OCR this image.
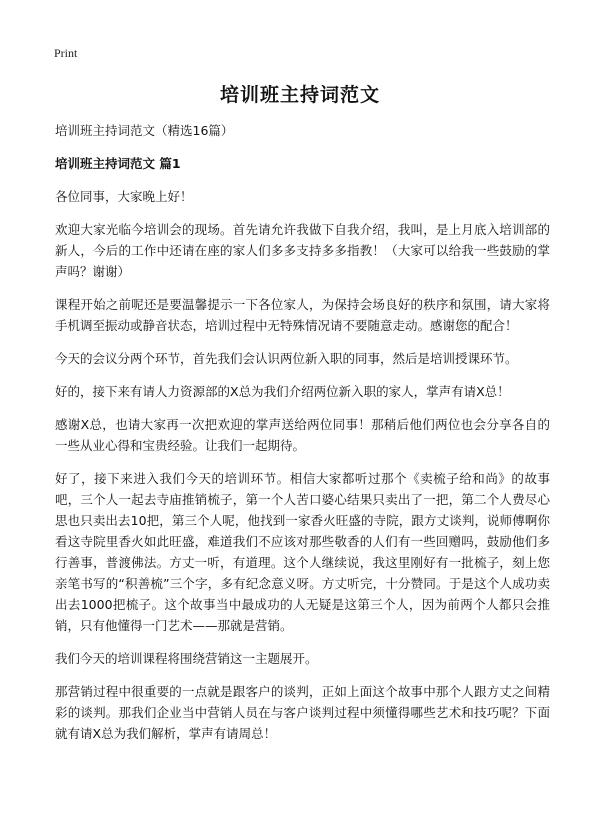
Print
培训班主持词范文

培训班主持词范文（精选16篇）

培训班主持词范文 篇1

各位同事，大家晚上好！

欢迎大家光临今培训会的现场。首先请允许我做下自我介绍，我叫，是上月底入培训部的新人，今后的工作中还请在座的家人们多多支持多多指教！（大家可以给我一些鼓励的掌声吗？谢谢）

课程开始之前呢还是要温馨提示一下各位家人，为保持会场良好的秩序和氛围，请大家将手机调至振动或静音状态，培训过程中无特殊情况请不要随意走动。感谢您的配合！

今天的会议分两个环节，首先我们会认识两位新入职的同事，然后是培训授课环节。

好的，接下来有请人力资源部的X总为我们介绍两位新入职的家人，掌声有请X总！

感谢X总，也请大家再一次把欢迎的掌声送给两位同事！那稍后他们两位也会分享各自的一些从业心得和宝贵经验。让我们一起期待。

好了，接下来进入我们今天的培训环节。相信大家都听过那个《卖梳子给和尚》的故事吧，三个人一起去寺庙推销梳子，第一个人苦口婆心结果只卖出了一把，第二个人费尽心思也只卖出去10把，第三个人呢，他找到一家香火旺盛的寺院，跟方丈谈判，说师傅啊你看这寺院里香火如此旺盛，难道我们不应该对那些敬香的人们有一些回赠吗，鼓励他们多行善事，普渡佛法。方丈一听，有道理。这个人继续说，我这里刚好有一批梳子，刻上您亲笔书写的“积善梳”三个字，多有纪念意义呀。方丈听完，十分赞同。于是这个人成功卖出去1000把梳子。这个故事当中最成功的人无疑是这第三个人，因为前两个人都只会推销，只有他懂得一门艺术——那就是营销。

我们今天的培训课程将围绕营销这一主题展开。

那营销过程中很重要的一点就是跟客户的谈判，正如上面这个故事中那个人跟方丈之间精彩的谈判。那我们企业当中营销人员在与客户谈判过程中须懂得哪些艺术和技巧呢？下面就有请X总为我们解析，掌声有请周总！
